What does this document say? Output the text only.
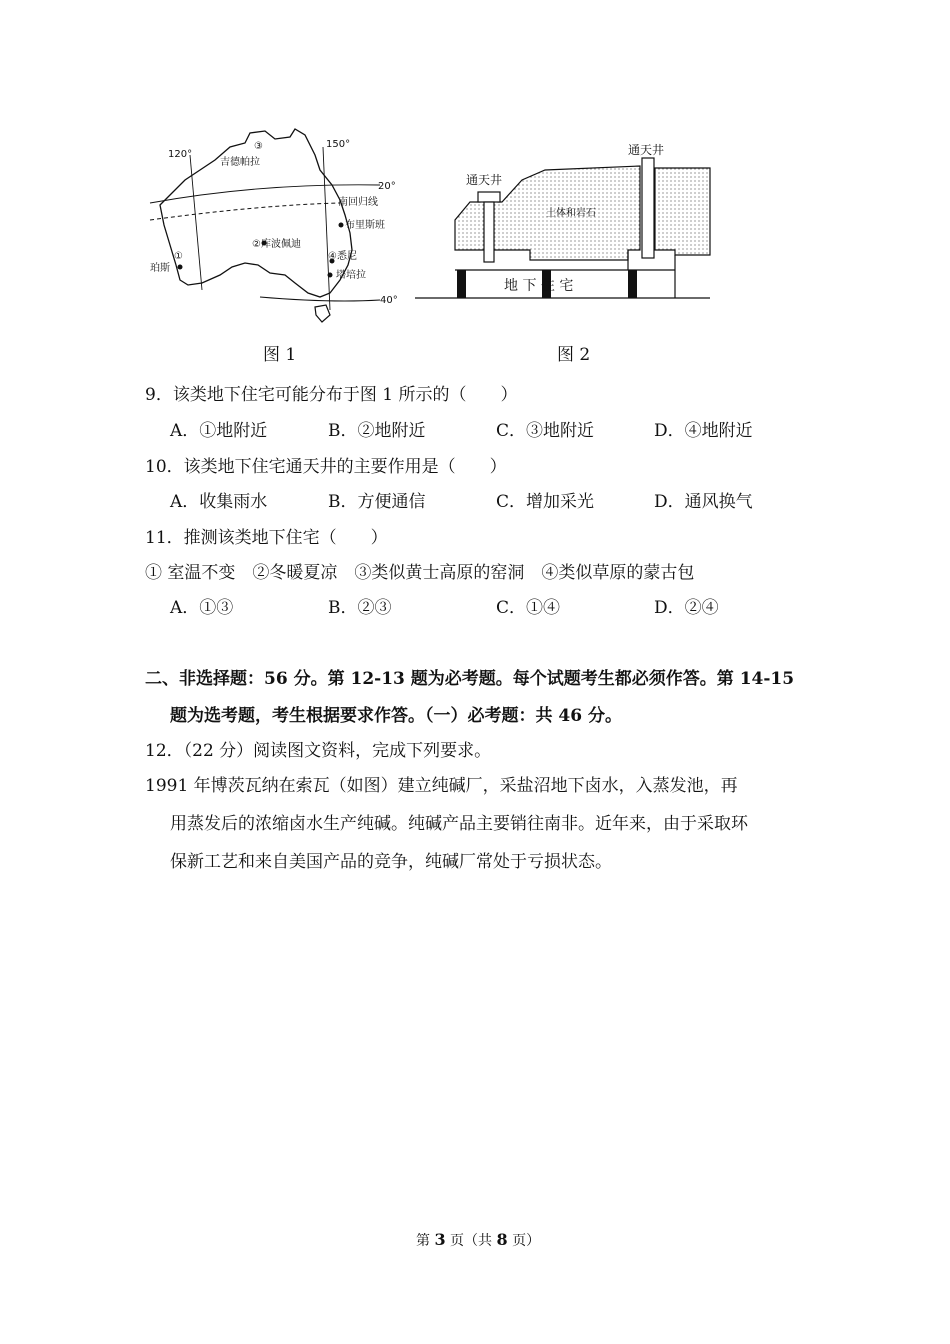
120°
150°
20°
40°
南回归线
②库波佩迪
布里斯班
④悉尼
塔培拉
珀斯
①
③
吉德帕拉
通天井
通天井
土体和岩石
地 下 住 宅
图 1	图 2
9．该类地下住宅可能分布于图 1 所示的（　　）
A．①地附近	B．②地附近	C．③地附近	D．④地附近
10．该类地下住宅通天井的主要作用是（　　）
A．收集雨水	B．方便通信	C．增加采光	D．通风换气
11．推测该类地下住宅（　　）
① 室温不变　②冬暖夏凉　③类似黄士高原的窑洞　④类似草原的蒙古包
A．①③	B．②③	C．①④	D．②④
二、非选择题：56 分。第 12-13 题为必考题。每个试题考生都必须作答。第 14-15
题为选考题，考生根据要求作答。（一）必考题：共 46 分。
12．（22 分）阅读图文资料，完成下列要求。
1991 年博茨瓦纳在索瓦（如图）建立纯碱厂，采盐沼地下卤水，入蒸发池，再
用蒸发后的浓缩卤水生产纯碱。纯碱产品主要销往南非。近年来，由于采取环
保新工艺和来自美国产品的竞争，纯碱厂常处于亏损状态。
第 3 页（共 8 页）
